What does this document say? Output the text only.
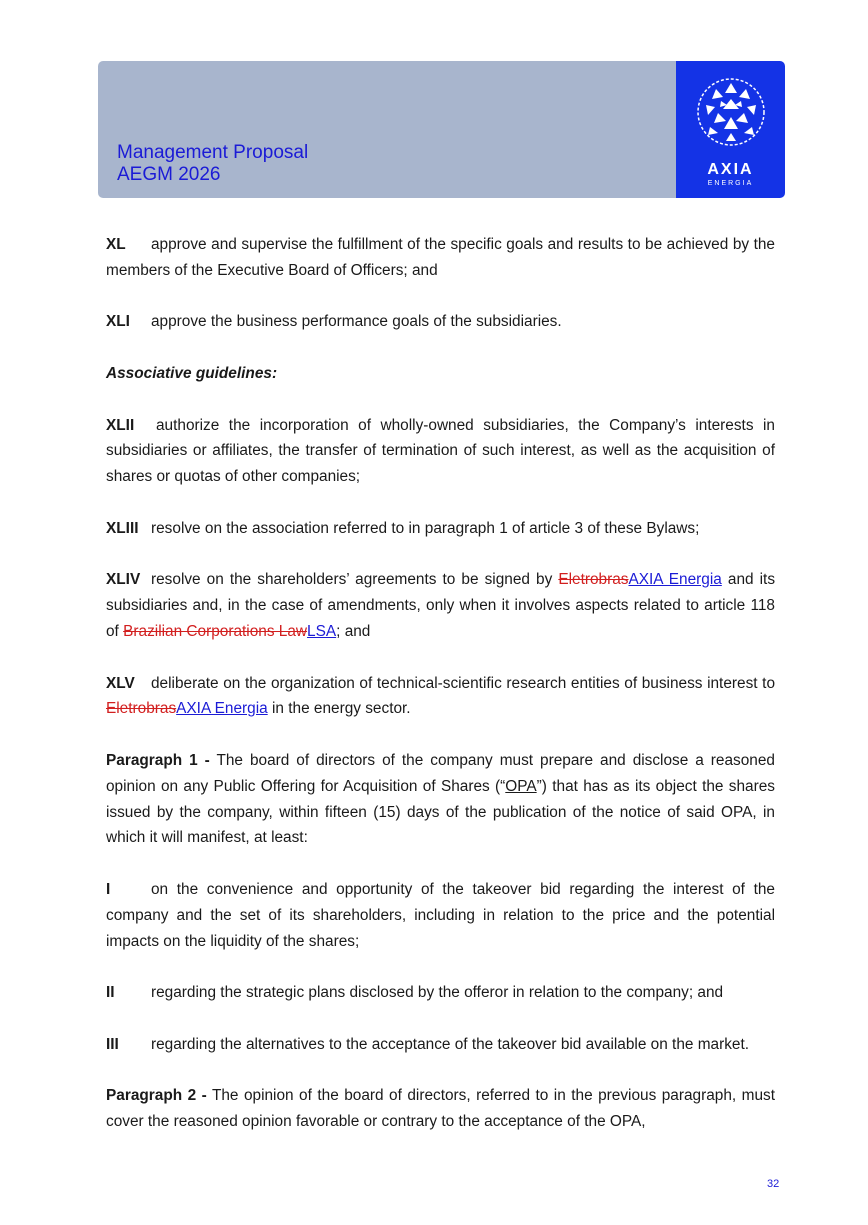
Management Proposal
AEGM 2026	AXIA
ENERGIA

XL approve and supervise the fulfillment of the specific goals and results to be achieved by the members of the Executive Board of Officers; and

XLI approve the business performance goals of the subsidiaries.

Associative guidelines:

XLII authorize the incorporation of wholly-owned subsidiaries, the Company’s interests in subsidiaries or affiliates, the transfer of termination of such interest, as well as the acquisition of shares or quotas of other companies;

XLIII resolve on the association referred to in paragraph 1 of article 3 of these Bylaws;

XLIV resolve on the shareholders’ agreements to be signed by EletrobrasAXIA Energia and its subsidiaries and, in the case of amendments, only when it involves aspects related to article 118 of Brazilian Corporations LawLSA; and

XLV deliberate on the organization of technical-scientific research entities of business interest to EletrobrasAXIA Energia in the energy sector.

Paragraph 1 - The board of directors of the company must prepare and disclose a reasoned opinion on any Public Offering for Acquisition of Shares (“OPA”) that has as its object the shares issued by the company, within fifteen (15) days of the publication of the notice of said OPA, in which it will manifest, at least:

I	on the convenience and opportunity of the takeover bid regarding the interest of the company and the set of its shareholders, including in relation to the price and the potential impacts on the liquidity of the shares;

II regarding the strategic plans disclosed by the offeror in relation to the company; and

III regarding the alternatives to the acceptance of the takeover bid available on the market.

Paragraph 2 - The opinion of the board of directors, referred to in the previous paragraph, must cover the reasoned opinion favorable or contrary to the acceptance of the OPA,

32
